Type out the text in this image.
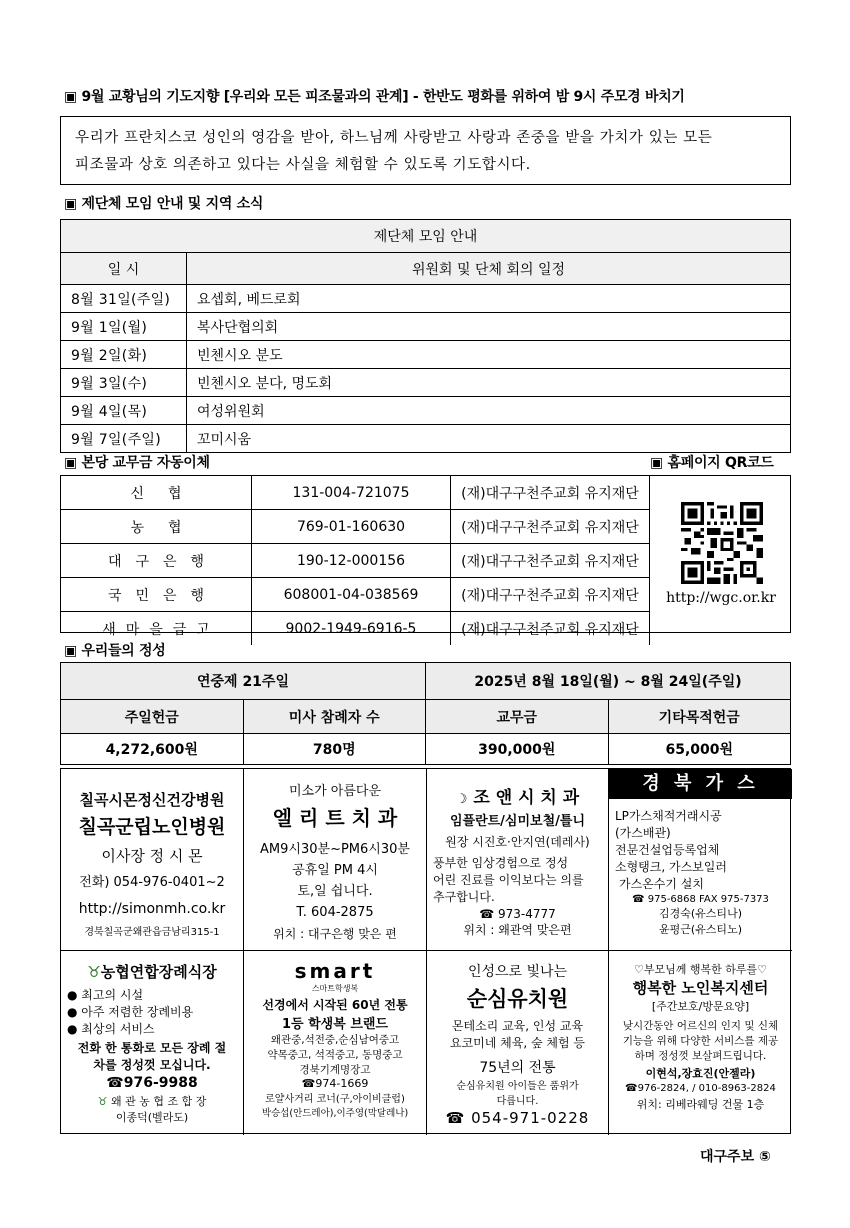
▣ 9월 교황님의 기도지향 [우리와 모든 피조물과의 관계] - 한반도 평화를 위하여 밤 9시 주모경 바치기
우리가 프란치스코 성인의 영감을 받아, 하느님께 사랑받고 사랑과 존중을 받을 가치가 있는 모든
피조물과 상호 의존하고 있다는 사실을 체험할 수 있도록 기도합시다.
▣ 제단체 모임 안내 및 지역 소식
제단체 모임 안내	
일 시	위원회 및 단체 회의 일정
8월 31일(주일)	요셉회, 베드로회
9월 1일(월)	복사단협의회
9월 2일(화)	빈첸시오 분도
9월 3일(수)	빈첸시오 분다, 명도회
9월 4일(목)	여성위원회
9월 7일(주일)	꼬미시움
▣ 본당 교무금 자동이체	▣ 홈페이지 QR코드
신협	131-004-721075	(재)대구구천주교회 유지재단
농협	769-01-160630	(재)대구구천주교회 유지재단
대구은행	190-12-000156	(재)대구구천주교회 유지재단
국민은행	608001-04-038569	(재)대구구천주교회 유지재단
새마을금고	9002-1949-6916-5	(재)대구구천주교회 유지재단
http://wgc.or.kr
▣ 우리들의 정성
연중제 21주일		2025년 8월 18일(월) ~ 8월 24일(주일)	
주일헌금	미사 참례자 수	교무금	기타목적헌금
4,272,600원	780명	390,000원	65,000원
칠곡시몬정신건강병원
칠곡군립노인병원
이사장 정 시 몬
전화) 054-976-0401~2
http://simonmh.co.kr
경북칠곡군왜관읍금남리315-1
미소가 아름다운
엘 리 트 치 과
AM9시30분~PM6시30분
공휴일 PM 4시
토,일 쉽니다.
T. 604-2875
위치 : 대구은행 맞은 편
☽ 조 앤 시 치 과
임플란트/심미보철/틀니
원장 시진호·안지연(데레사)
풍부한 임상경험으로 정성
어린 진료를 이익보다는 의를
추구합니다.
☎ 973-4777
위치 : 왜관역 맞은편
경 북 가 스
LP가스채적거래시공
(가스배관)
전문건설업등록업체
소형탱크, 가스보일러
가스온수기 설치
☎ 975-6868 FAX 975-7373
김경숙(유스티나)
윤평근(유스티노)
♉농협연합장례식장
● 최고의 시설
● 아주 저렴한 장례비용
● 최상의 서비스
전화 한 통화로 모든 장례 절
차를 정성껏 모십니다.
☎976-9988
♉ 왜 관 농 협 조 합 장
이종덕(벨라도)
smart
스마트학생복
선경에서 시작된 60년 전통
1등 학생복 브랜드
왜관중,석전중,순심남여중고
약목중고, 석적중고, 동명중고
경북기계명장고
☎974-1669
로얄사거리 코너(구,아이비클럽)
박승섭(안드레아),이주영(막달레나)
인성으로 빛나는
순심유치원
몬테소리 교육, 인성 교육
요코미네 체육, 숲 체험 등
75년의 전통
순심유치원 아이들은 품위가
다릅니다.
☎ 054-971-0228
♡부모님께 행복한 하루를♡
행복한 노인복지센터
[주간보호/방문요양]
낮시간동안 어르신의 인지 및 신체
기능을 위해 다양한 서비스를 제공
하며 정성껏 보살펴드립니다.
이현석,장효진(안젤라)
☎976-2824, / 010-8963-2824
위치: 리베라웨딩 건물 1층
대구주보 ⑤
